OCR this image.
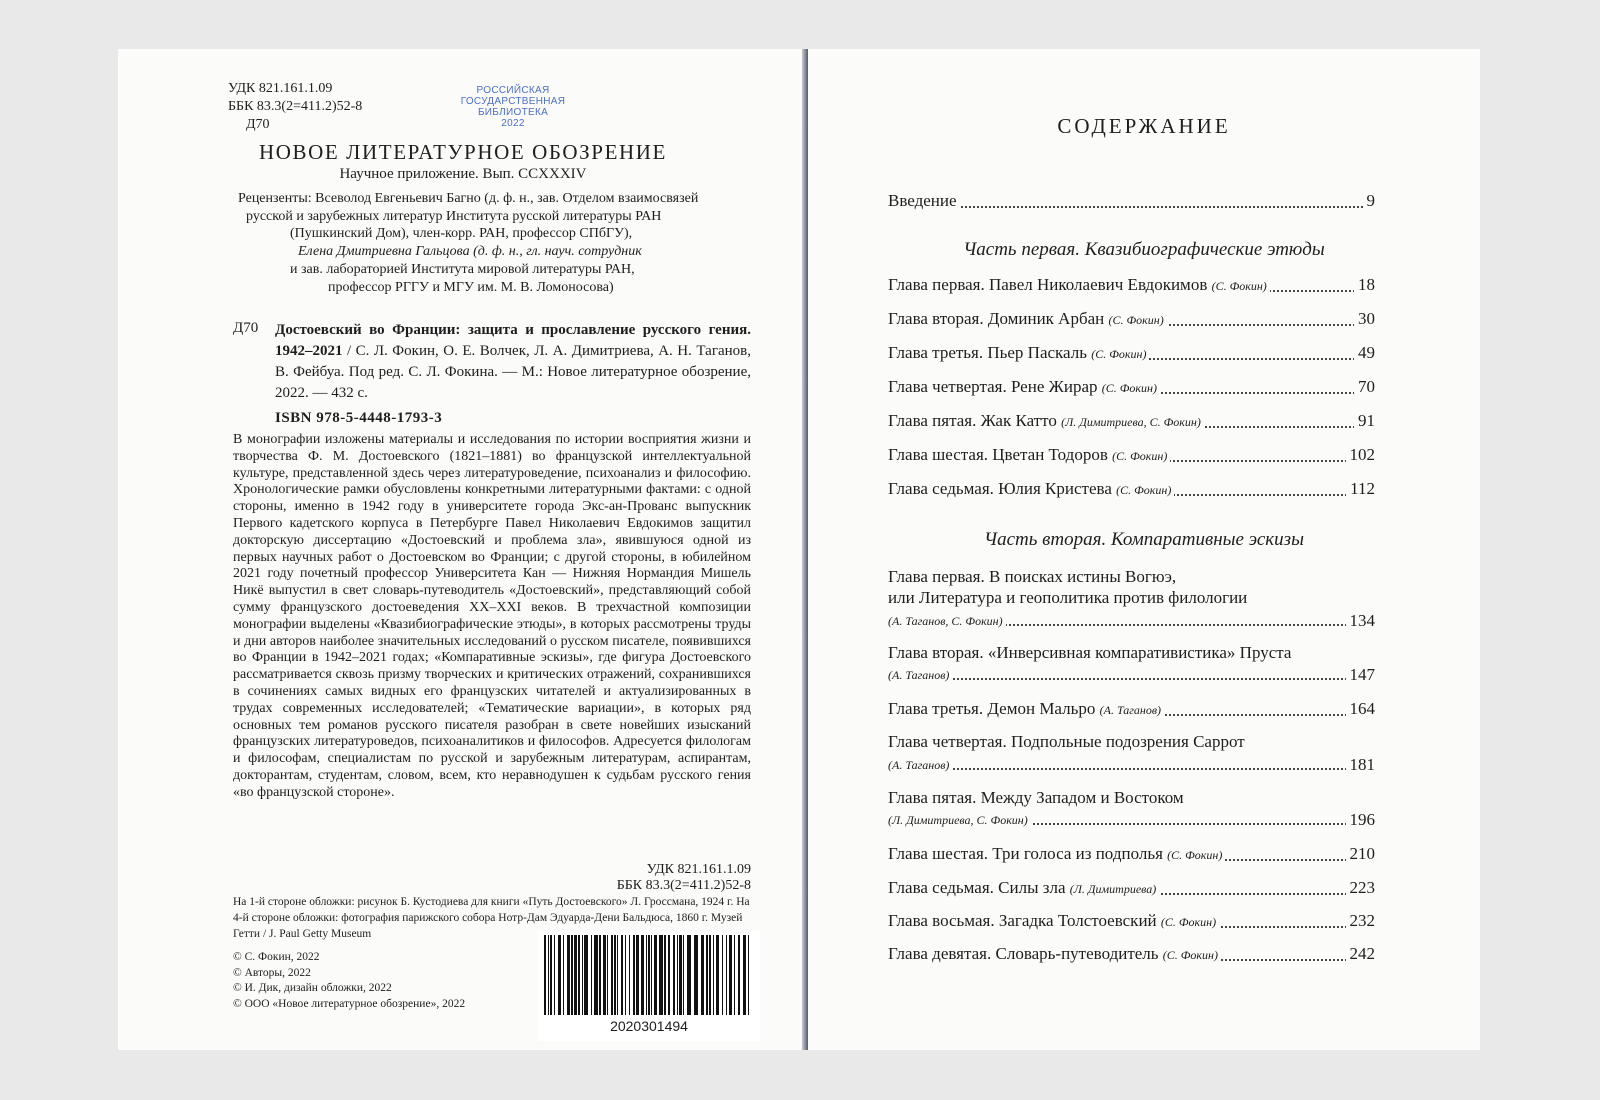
УДК 821.161.1.09
ББК 83.3(2=411.2)52-8
Д70
РОССИЙСКАЯ
ГОСУДАРСТВЕННАЯ
БИБЛИОТЕКА
2022
НОВОЕ ЛИТЕРАТУРНОЕ ОБОЗРЕНИЕ
Научное приложение. Вып. CCXXXIV
Рецензенты: Всеволод Евгеньевич Багно (д. ф. н., зав. Отделом взаимосвязей
русской и зарубежных литератур Института русской литературы РАН
(Пушкинский Дом), член-корр. РАН, профессор СПбГУ),
Елена Дмитриевна Гальцова (д. ф. н., гл. науч. сотрудник
и зав. лабораторией Института мировой литературы РАН,
профессор РГГУ и МГУ им. М. В. Ломоносова)
Д70 Достоевский во Франции: защита и прославление русского гения. 1942–2021 / С. Л. Фокин, О. Е. Волчек, Л. А. Димитриева, А. Н. Таганов, В. Фейбуа. Под ред. С. Л. Фокина. — М.: Новое литературное обозрение, 2022. — 432 с.
ISBN 978-5-4448-1793-3
В монографии изложены материалы и исследования по истории восприятия жизни и творчества Ф. М. Достоевского (1821–1881) во французской интеллектуальной культуре, представленной здесь через литературоведение, психоанализ и философию. Хронологические рамки обусловлены конкретными литературными фактами: с одной стороны, именно в 1942 году в университете города Экс-ан-Прованс выпускник Первого кадетского корпуса в Петербурге Павел Николаевич Евдокимов защитил докторскую диссертацию «Достоевский и проблема зла», явившуюся одной из первых научных работ о Достоевском во Франции; с другой стороны, в юбилейном 2021 году почетный профессор Университета Кан — Нижняя Нормандия Мишель Никё выпустил в свет словарь-путеводитель «Достоевский», представляющий собой сумму французского достоеведения XX–XXI веков. В трехчастной композиции монографии выделены «Квазибиографические этюды», в которых рассмотрены труды и дни авторов наиболее значительных исследований о русском писателе, появившихся во Франции в 1942–2021 годах; «Компаративные эскизы», где фигура Достоевского рассматривается сквозь призму творческих и критических отражений, сохранившихся в сочинениях самых видных его французских читателей и актуализированных в трудах современных исследователей; «Тематические вариации», в которых ряд основных тем романов русского писателя разобран в свете новейших изысканий французских литературоведов, психоаналитиков и философов. Адресуется филологам и философам, специалистам по русской и зарубежным литературам, аспирантам, докторантам, студентам, словом, всем, кто неравнодушен к судьбам русского гения «во французской стороне».
УДК 821.161.1.09
ББК 83.3(2=411.2)52-8
На 1-й стороне обложки: рисунок Б. Кустодиева для книги «Путь Достоевского» Л. Гроссмана, 1924 г. На 4-й стороне обложки: фотография парижского собора Нотр-Дам Эдуарда-Дени Бальдюса, 1860 г. Музей Гетти / J. Paul Getty Museum
© С. Фокин, 2022
© Авторы, 2022
© И. Дик, дизайн обложки, 2022
© ООО «Новое литературное обозрение», 2022
2020301494
СОДЕРЖАНИЕ
Введение	9
Часть первая. Квазибиографические этюды
Глава первая. Павел Николаевич Евдокимов (С. Фокин)	18
Глава вторая. Доминик Арбан (С. Фокин)	30
Глава третья. Пьер Паскаль (С. Фокин)	49
Глава четвертая. Рене Жирар (С. Фокин)	70
Глава пятая. Жак Катто (Л. Димитриева, С. Фокин)	91
Глава шестая. Цветан Тодоров (С. Фокин)	102
Глава седьмая. Юлия Кристева (С. Фокин)	112
Часть вторая. Компаративные эскизы
Глава первая. В поисках истины Вогюэ,
или Литература и геополитика против филологии
(А. Таганов, С. Фокин)	134
Глава вторая. «Инверсивная компаративистика» Пруста
(А. Таганов)	147
Глава третья. Демон Мальро (А. Таганов)	164
Глава четвертая. Подпольные подозрения Саррот
(А. Таганов)	181
Глава пятая. Между Западом и Востоком
(Л. Димитриева, С. Фокин)	196
Глава шестая. Три голоса из подполья (С. Фокин)	210
Глава седьмая. Силы зла (Л. Димитриева)	223
Глава восьмая. Загадка Толстоевский (С. Фокин)	232
Глава девятая. Словарь-путеводитель (С. Фокин)	242
